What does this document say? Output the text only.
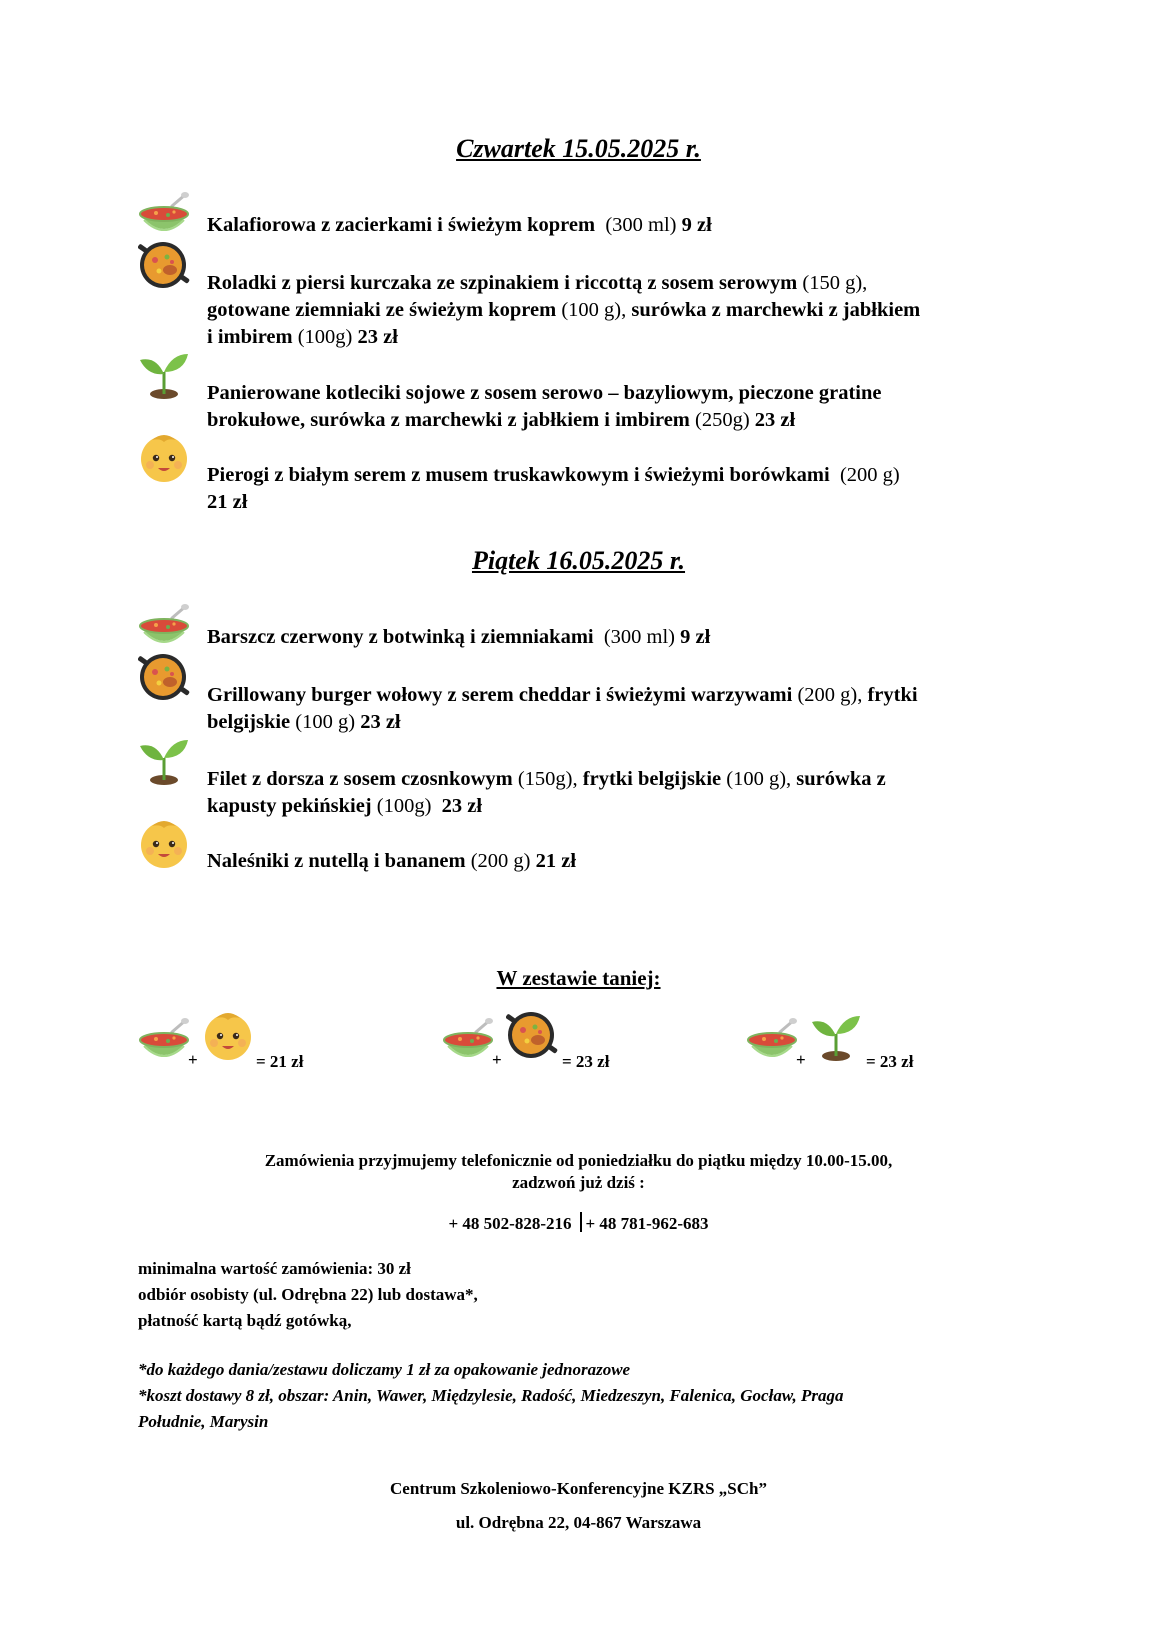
Czwartek 15.05.2025 r.
Kalafiorowa z zacierkami i świeżym koprem (300 ml) 9 zł
Roladki z piersi kurczaka ze szpinakiem i riccottą z sosem serowym (150 g),
gotowane ziemniaki ze świeżym koprem (100 g), surówka z marchewki z jabłkiem
i imbirem (100g) 23 zł
Panierowane kotleciki sojowe z sosem serowo – bazyliowym, pieczone gratine
brokułowe, surówka z marchewki z jabłkiem i imbirem (250g) 23 zł
Pierogi z białym serem z musem truskawkowym i świeżymi borówkami (200 g)
21 zł
Piątek 16.05.2025 r.
Barszcz czerwony z botwinką i ziemniakami (300 ml) 9 zł
Grillowany burger wołowy z serem cheddar i świeżymi warzywami (200 g), frytki
belgijskie (100 g) 23 zł
Filet z dorsza z sosem czosnkowym (150g), frytki belgijskie (100 g), surówka z
kapusty pekińskiej (100g) 23 zł
Naleśniki z nutellą i bananem (200 g) 21 zł
W zestawie taniej:
+	= 21 zł	+	= 23 zł	+	= 23 zł
Zamówienia przyjmujemy telefonicznie od poniedziałku do piątku między 10.00-15.00,
zadzwoń już dziś :
+ 48 502-828-216 + 48 781-962-683
minimalna wartość zamówienia: 30 zł
odbiór osobisty (ul. Odrębna 22) lub dostawa*,
płatność kartą bądź gotówką,
*do każdego dania/zestawu doliczamy 1 zł za opakowanie jednorazowe
*koszt dostawy 8 zł, obszar: Anin, Wawer, Międzylesie, Radość, Miedzeszyn, Falenica, Gocław, Praga
Południe, Marysin
Centrum Szkoleniowo-Konferencyjne KZRS „SCh”
ul. Odrębna 22, 04-867 Warszawa
